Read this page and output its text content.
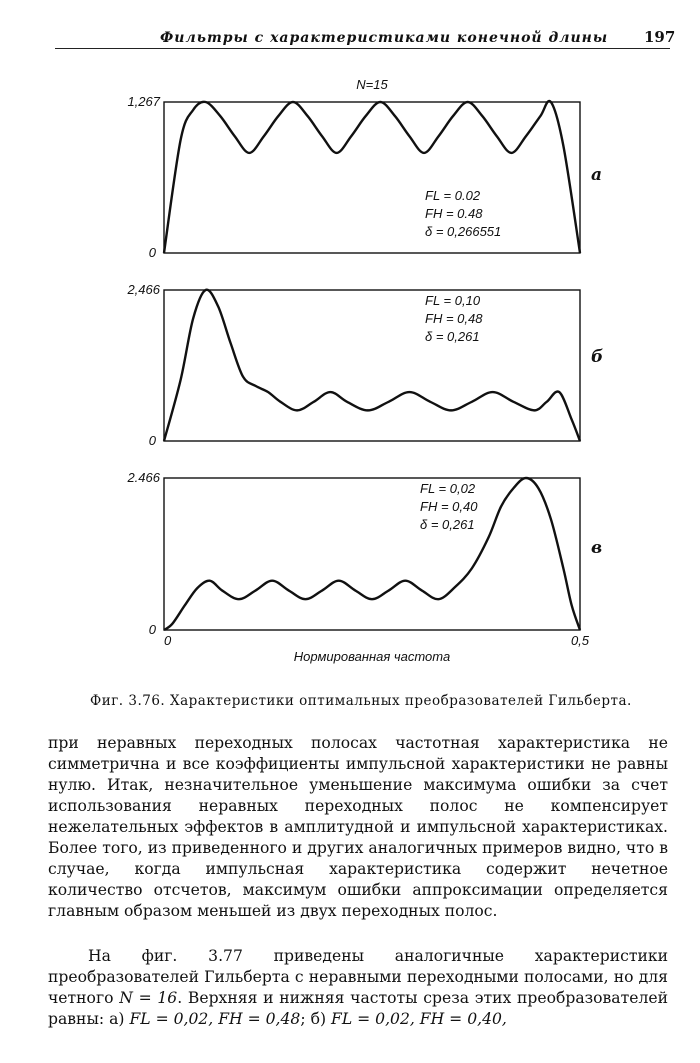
Фильтры с характеристиками конечной длины 197
1,267
0
N=15
а
FL = 0.02
FH = 0.48
δ = 0,266551
2,466
0
б
FL = 0,10
FH = 0,48
δ = 0,261
2.466
0
в
FL = 0,02
FH = 0,40
δ = 0,261
0	0,5
Нормированная частота
Фиг. 3.76. Характеристики оптимальных преобразователей Гильберта.
при неравных переходных полосах частотная характеристика не симметрична и все коэффициенты импульсной характеристики не равны нулю. Итак, незначительное уменьшение максимума ошибки за счет использования неравных переходных полос не компенсирует нежелательных эффектов в амплитудной и импульсной характеристиках. Более того, из приведенного и других аналогичных примеров видно, что в случае, когда импульсная характеристика содержит нечетное количество отсчетов, максимум ошибки аппроксимации определяется главным образом меньшей из двух переходных полос.
На фиг. 3.77 приведены аналогичные характеристики преобразователей Гильберта с неравными переходными полосами, но для четного N = 16. Верхняя и нижняя частоты среза этих преобразователей равны: а) FL = 0,02, FH = 0,48; б) FL = 0,02, FH = 0,40,
